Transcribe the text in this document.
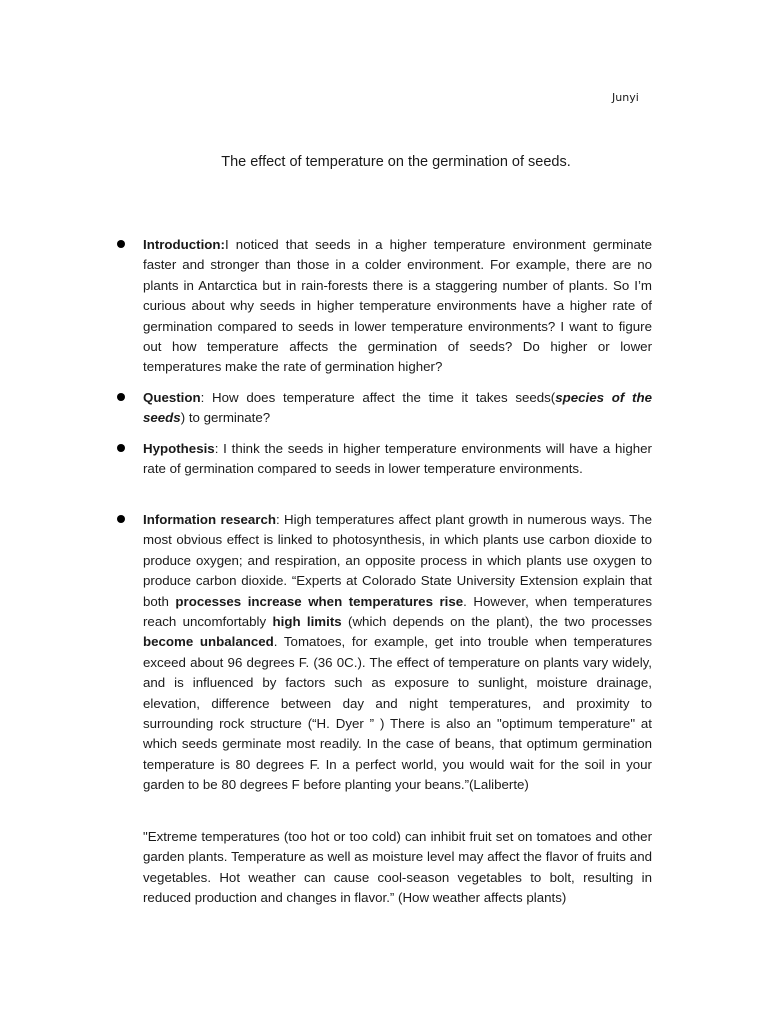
Junyi
The effect of temperature on the germination of seeds.
Introduction:I noticed that seeds in a higher temperature environment germinate faster and stronger than those in a colder environment. For example, there are no plants in Antarctica but in rain-forests there is a staggering number of plants. So I’m curious about why seeds in higher temperature environments have a higher rate of germination compared to seeds in lower temperature environments? I want to figure out how temperature affects the germination of seeds? Do higher or lower temperatures make the rate of germination higher?
Question: How does temperature affect the time it takes seeds(species of the seeds) to germinate?
Hypothesis: I think the seeds in higher temperature environments will have a higher rate of germination compared to seeds in lower temperature environments.
Information research: High temperatures affect plant growth in numerous ways. The most obvious effect is linked to photosynthesis, in which plants use carbon dioxide to produce oxygen; and respiration, an opposite process in which plants use oxygen to produce carbon dioxide. “Experts at Colorado State University Extension explain that both processes increase when temperatures rise. However, when temperatures reach uncomfortably high limits (which depends on the plant), the two processes become unbalanced. Tomatoes, for example, get into trouble when temperatures exceed about 96 degrees F. (36 0C.). The effect of temperature on plants vary widely, and is influenced by factors such as exposure to sunlight, moisture drainage, elevation, difference between day and night temperatures, and proximity to surrounding rock structure (“H. Dyer ” ) There is also an "optimum temperature" at which seeds germinate most readily. In the case of beans, that optimum germination temperature is 80 degrees F. In a perfect world, you would wait for the soil in your garden to be 80 degrees F before planting your beans.”(Laliberte)
"Extreme temperatures (too hot or too cold) can inhibit fruit set on tomatoes and other garden plants. Temperature as well as moisture level may affect the flavor of fruits and vegetables. Hot weather can cause cool-season vegetables to bolt, resulting in reduced production and changes in flavor.” (How weather affects plants)
